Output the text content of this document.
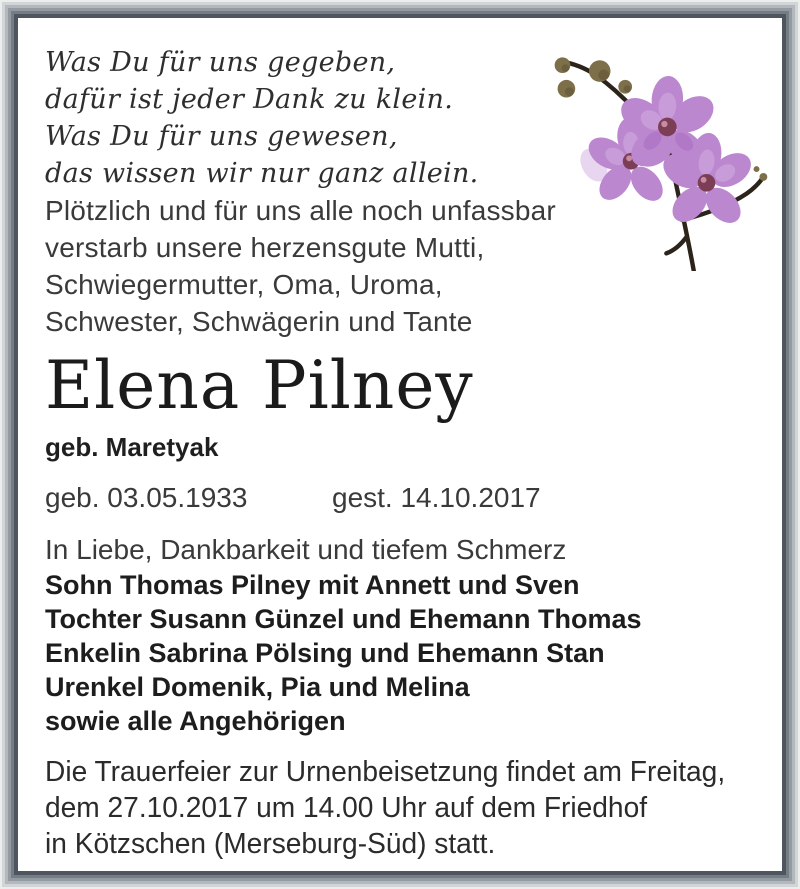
Was Du für uns gegeben,
dafür ist jeder Dank zu klein.
Was Du für uns gewesen,
das wissen wir nur ganz allein.
Plötzlich und für uns alle noch unfassbar
verstarb unsere herzensgute Mutti,
Schwiegermutter, Oma, Uroma,
Schwester, Schwägerin und Tante
Elena Pilney
geb. Maretyak
geb. 03.05.1933	gest. 14.10.2017
In Liebe, Dankbarkeit und tiefem Schmerz
Sohn Thomas Pilney mit Annett und Sven
Tochter Susann Günzel und Ehemann Thomas
Enkelin Sabrina Pölsing und Ehemann Stan
Urenkel Domenik, Pia und Melina
sowie alle Angehörigen
Die Trauerfeier zur Urnenbeisetzung findet am Freitag,
dem 27.10.2017 um 14.00 Uhr auf dem Friedhof
in Kötzschen (Merseburg-Süd) statt.
